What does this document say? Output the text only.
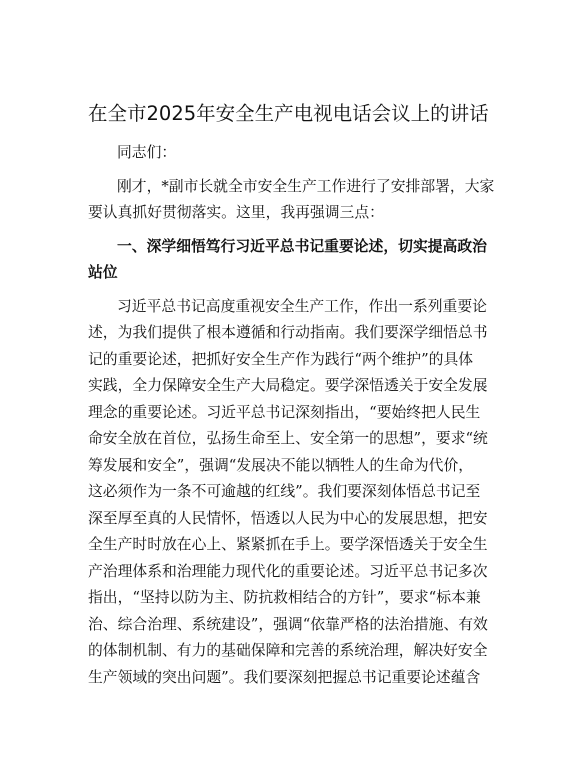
在全市2025年安全生产电视电话会议上的讲话
同志们：
刚才，*副市长就全市安全生产工作进行了安排部署，大家
要认真抓好贯彻落实。这里，我再强调三点：
一、深学细悟笃行习近平总书记重要论述，切实提高政治
站位
习近平总书记高度重视安全生产工作，作出一系列重要论
述，为我们提供了根本遵循和行动指南。我们要深学细悟总书
记的重要论述，把抓好安全生产作为践行“两个维护”的具体
实践，全力保障安全生产大局稳定。要学深悟透关于安全发展
理念的重要论述。习近平总书记深刻指出，“要始终把人民生
命安全放在首位，弘扬生命至上、安全第一的思想”，要求“统
筹发展和安全”，强调“发展决不能以牺牲人的生命为代价，
这必须作为一条不可逾越的红线”。我们要深刻体悟总书记至
深至厚至真的人民情怀，悟透以人民为中心的发展思想，把安
全生产时时放在心上、紧紧抓在手上。要学深悟透关于安全生
产治理体系和治理能力现代化的重要论述。习近平总书记多次
指出，“坚持以防为主、防抗救相结合的方针”，要求“标本兼
治、综合治理、系统建设”，强调“依靠严格的法治措施、有效
的体制机制、有力的基础保障和完善的系统治理，解决好安全
生产领域的突出问题”。我们要深刻把握总书记重要论述蕴含
